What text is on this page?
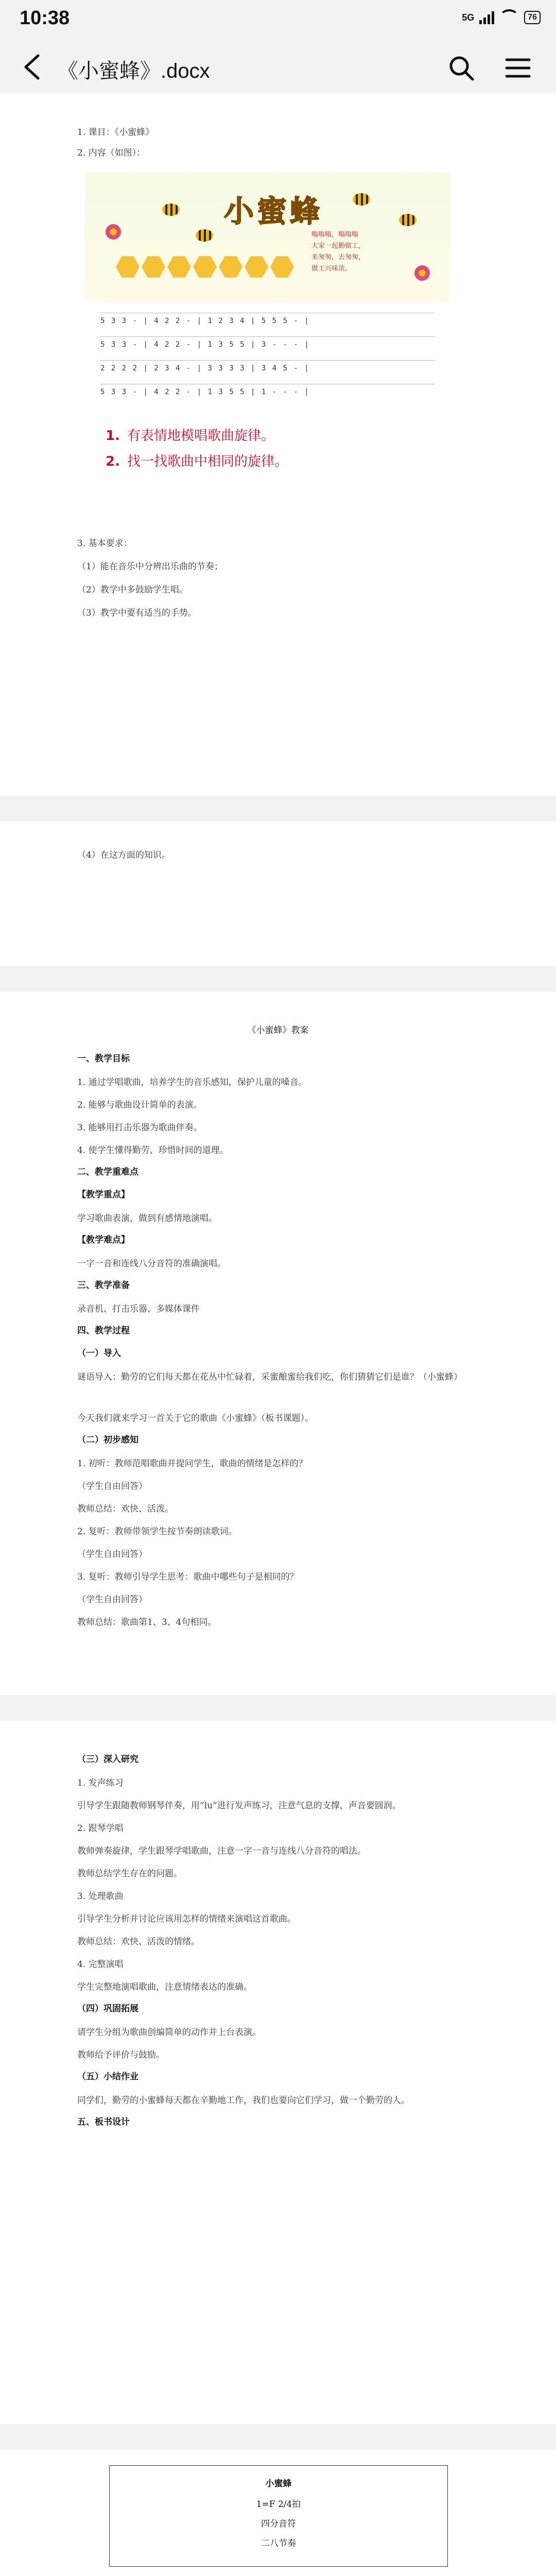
10:38	5G	76
《小蜜蜂》.docx
1. 课目：《小蜜蜂》
2. 内容（如图）：
小蜜蜂
嗡嗡嗡，嗡嗡嗡
大家一起勤做工，
来匆匆，去匆匆，
做工兴味浓。
5 3 3 - | 4 2 2 - | 1 2 3 4 | 5 5 5 - |
5 3 3 - | 4 2 2 - | 1 3 5 5 | 3 - - - |
2 2 2 2 | 2 3 4 - | 3 3 3 3 | 3 4 5 - |
5 3 3 - | 4 2 2 - | 1 3 5 5 | 1 - - - |
1. 有表情地模唱歌曲旋律。
2. 找一找歌曲中相同的旋律。
3. 基本要求：
（1）能在音乐中分辨出乐曲的节奏；
（2）教学中多鼓励学生唱。
（3）教学中要有适当的手势。
（4）在这方面的知识。
《小蜜蜂》教案
一、教学目标
1. 通过学唱歌曲，培养学生的音乐感知，保护儿童的嗓音。
2. 能够与歌曲设计简单的表演。
3. 能够用打击乐器为歌曲伴奏。
4. 使学生懂得勤劳、珍惜时间的道理。
二、教学重难点
【教学重点】
学习歌曲表演，做到有感情地演唱。
【教学难点】
一字一音和连线八分音符的准确演唱。
三、教学准备
录音机、打击乐器、多媒体课件
四、教学过程
（一）导入
谜语导入：勤劳的它们每天都在花丛中忙碌着，采蜜酿蜜给我们吃，你们猜猜它们是谁？（小蜜蜂）
今天我们就来学习一首关于它的歌曲《小蜜蜂》（板书课题）。
（二）初步感知
1. 初听：教师范唱歌曲并提问学生，歌曲的情绪是怎样的？
（学生自由回答）
教师总结：欢快、活泼。
2. 复听：教师带领学生按节奏朗读歌词。
（学生自由回答）
3. 复听：教师引导学生思考：歌曲中哪些句子是相同的？
（学生自由回答）
教师总结：歌曲第1、3、4句相同。
（三）深入研究
1. 发声练习
引导学生跟随教师钢琴伴奏，用“lu”进行发声练习，注意气息的支撑，声音要圆润。
2. 跟琴学唱
教师弹奏旋律，学生跟琴学唱歌曲，注意一字一音与连线八分音符的唱法。
教师总结学生存在的问题。
3. 处理歌曲
引导学生分析并讨论应该用怎样的情绪来演唱这首歌曲。
教师总结：欢快、活泼的情绪。
4. 完整演唱
学生完整地演唱歌曲，注意情绪表达的准确。
（四）巩固拓展
请学生分组为歌曲创编简单的动作并上台表演。
教师给予评价与鼓励。
（五）小结作业
同学们，勤劳的小蜜蜂每天都在辛勤地工作，我们也要向它们学习，做一个勤劳的人。
五、板书设计
小蜜蜂
1=F 2/4拍
四分音符
二八节奏
